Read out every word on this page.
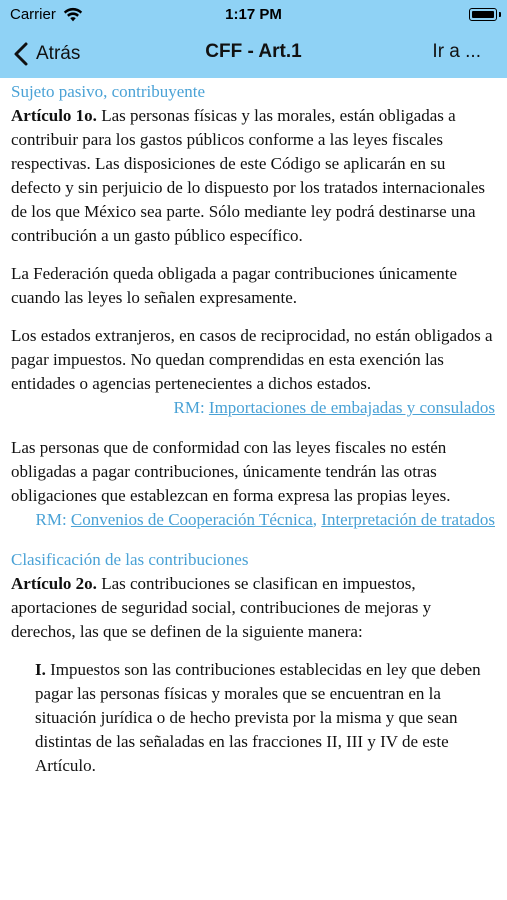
Carrier	1:17 PM
Atrás	CFF - Art.1	Ir a ...
Sujeto pasivo, contribuyente

Artículo 1o. Las personas físicas y las morales, están obligadas a contribuir para los gastos públicos conforme a las leyes fiscales respectivas. Las disposiciones de este Código se aplicarán en su defecto y sin perjuicio de lo dispuesto por los tratados internacionales de los que México sea parte. Sólo mediante ley podrá destinarse una contribución a un gasto público específico.

La Federación queda obligada a pagar contribuciones únicamente cuando las leyes lo señalen expresamente.

Los estados extranjeros, en casos de reciprocidad, no están obligados a pagar impuestos. No quedan comprendidas en esta exención las entidades o agencias pertenecientes a dichos estados.

RM: Importaciones de embajadas y consulados

Las personas que de conformidad con las leyes fiscales no estén obligadas a pagar contribuciones, únicamente tendrán las otras obligaciones que establezcan en forma expresa las propias leyes.

RM: Convenios de Cooperación Técnica, Interpretación de tratados
Clasificación de las contribuciones

Artículo 2o. Las contribuciones se clasifican en impuestos, aportaciones de seguridad social, contribuciones de mejoras y derechos, las que se definen de la siguiente manera:

I. Impuestos son las contribuciones establecidas en ley que deben pagar las personas físicas y morales que se encuentran en la situación jurídica o de hecho prevista por la misma y que sean distintas de las señaladas en las fracciones II, III y IV de este Artículo.
